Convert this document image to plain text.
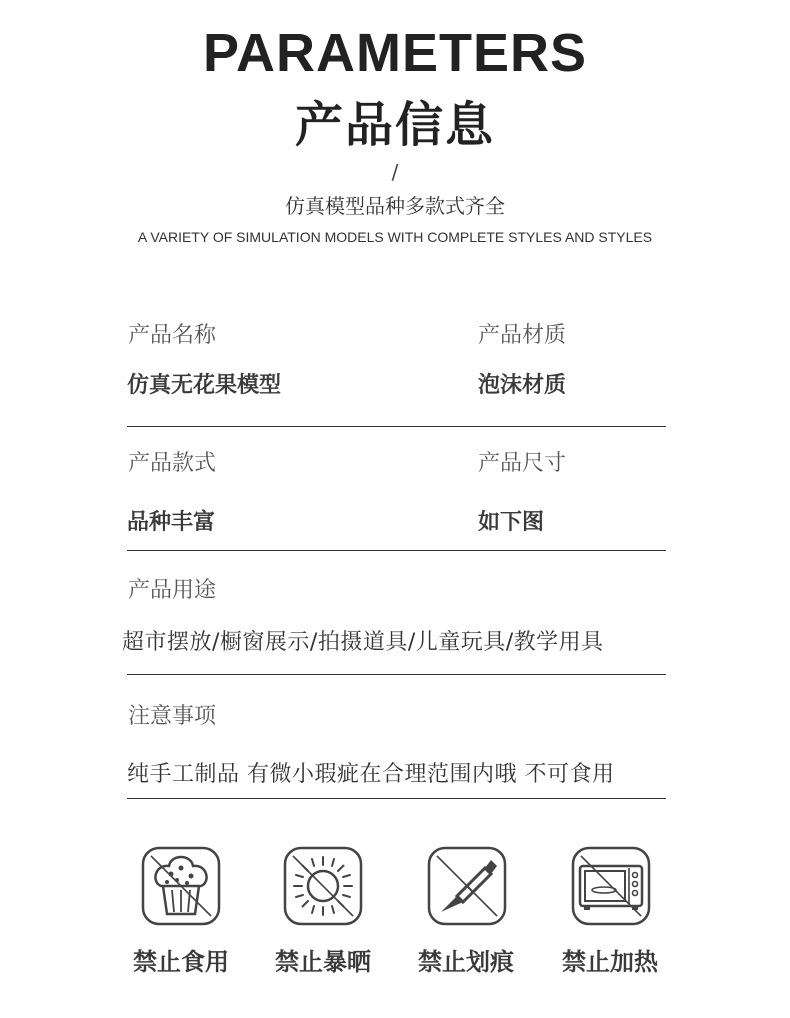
PARAMETERS
产品信息
/
仿真模型品种多款式齐全
A VARIETY OF SIMULATION MODELS WITH COMPLETE STYLES AND STYLES
产品名称
仿真无花果模型
产品材质
泡沫材质
产品款式
品种丰富
产品尺寸
如下图
产品用途
超市摆放/橱窗展示/拍摄道具/儿童玩具/教学用具
注意事项
纯手工制品 有微小瑕疵在合理范围内哦 不可食用
禁止食用	禁止暴晒	禁止划痕	禁止加热
